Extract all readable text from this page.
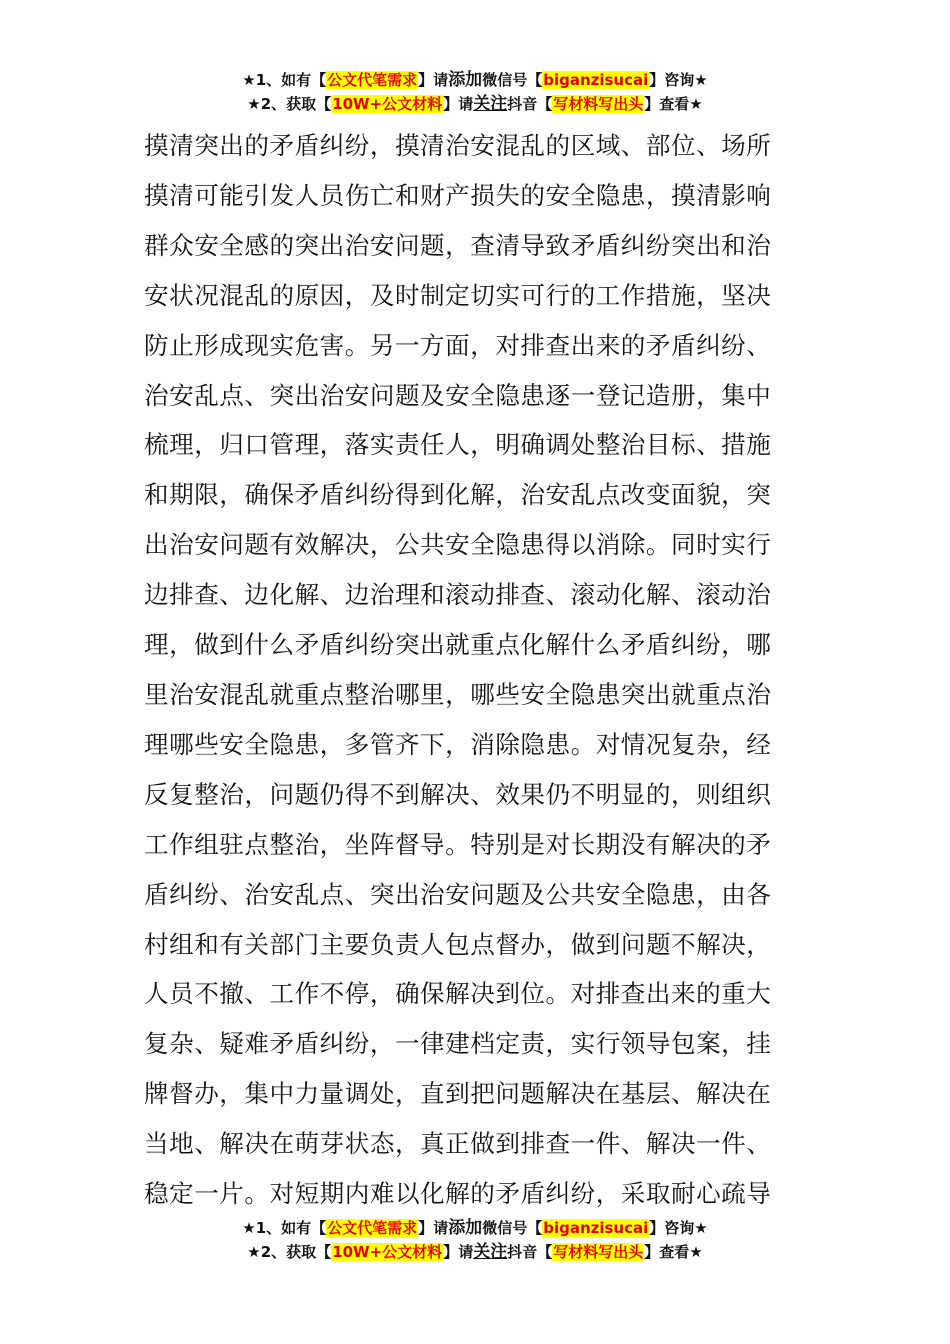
★1、如有【公文代笔需求】请添加微信号【biganzisucai】咨询★
★2、获取【10W+公文材料】请关注抖音【写材料写出头】查看★
摸清突出的矛盾纠纷，摸清治安混乱的区域、部位、场所
摸清可能引发人员伤亡和财产损失的安全隐患，摸清影响
群众安全感的突出治安问题，查清导致矛盾纠纷突出和治
安状况混乱的原因，及时制定切实可行的工作措施，坚决
防止形成现实危害。另一方面，对排查出来的矛盾纠纷、
治安乱点、突出治安问题及安全隐患逐一登记造册，集中
梳理，归口管理，落实责任人，明确调处整治目标、措施
和期限，确保矛盾纠纷得到化解，治安乱点改变面貌，突
出治安问题有效解决，公共安全隐患得以消除。同时实行
边排查、边化解、边治理和滚动排查、滚动化解、滚动治
理，做到什么矛盾纠纷突出就重点化解什么矛盾纠纷，哪
里治安混乱就重点整治哪里，哪些安全隐患突出就重点治
理哪些安全隐患，多管齐下，消除隐患。对情况复杂，经
反复整治，问题仍得不到解决、效果仍不明显的，则组织
工作组驻点整治，坐阵督导。特别是对长期没有解决的矛
盾纠纷、治安乱点、突出治安问题及公共安全隐患，由各
村组和有关部门主要负责人包点督办，做到问题不解决，
人员不撤、工作不停，确保解决到位。对排查出来的重大
复杂、疑难矛盾纠纷，一律建档定责，实行领导包案，挂
牌督办，集中力量调处，直到把问题解决在基层、解决在
当地、解决在萌芽状态，真正做到排查一件、解决一件、
稳定一片。对短期内难以化解的矛盾纠纷，采取耐心疏导
★1、如有【公文代笔需求】请添加微信号【biganzisucai】咨询★
★2、获取【10W+公文材料】请关注抖音【写材料写出头】查看★
